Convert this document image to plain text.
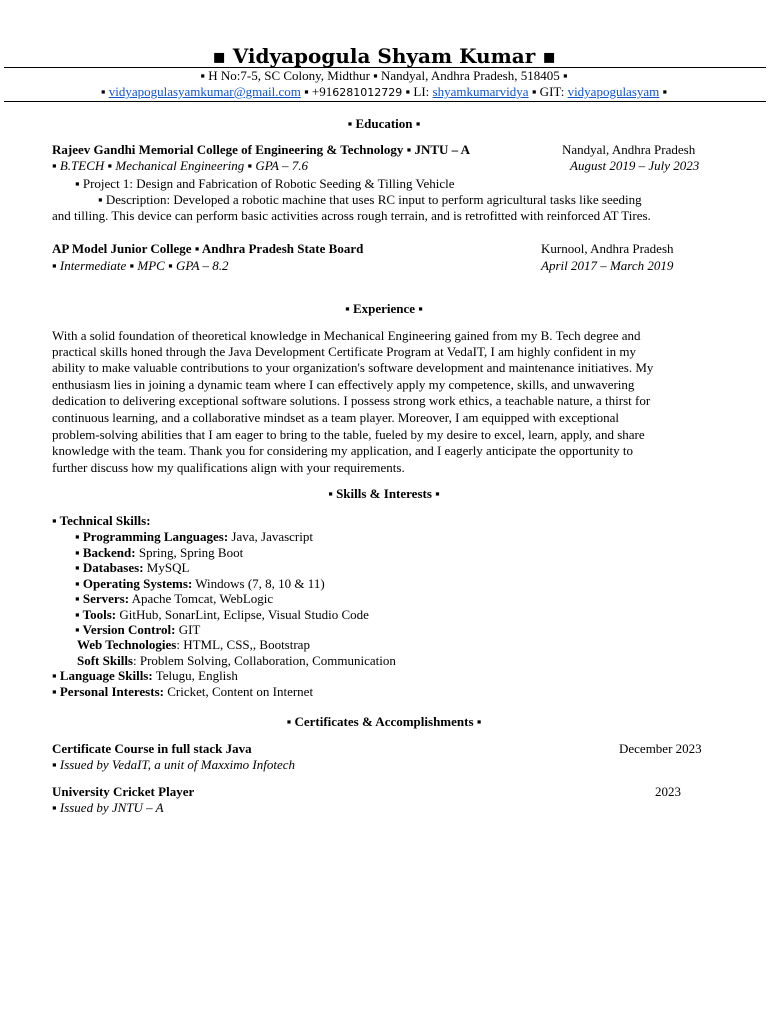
▪ Vidyapogula Shyam Kumar ▪
▪ H No:7-5, SC Colony, Midthur ▪ Nandyal, Andhra Pradesh, 518405 ▪
▪ vidyapogulasyamkumar@gmail.com ▪ +916281012729 ▪ LI: shyamkumarvidya ▪ GIT: vidyapogulasyam ▪
▪ Education ▪
Rajeev Gandhi Memorial College of Engineering & Technology ▪ JNTU – A	Nandyal, Andhra Pradesh
▪ B.TECH ▪ Mechanical Engineering ▪ GPA – 7.6	August 2019 – July 2023
▪ Project 1: Design and Fabrication of Robotic Seeding & Tilling Vehicle
▪ Description: Developed a robotic machine that uses RC input to perform agricultural tasks like seeding
and tilling. This device can perform basic activities across rough terrain, and is retrofitted with reinforced AT Tires.
AP Model Junior College ▪ Andhra Pradesh State Board	Kurnool, Andhra Pradesh
▪ Intermediate ▪ MPC ▪ GPA – 8.2	April 2017 – March 2019
▪ Experience ▪
With a solid foundation of theoretical knowledge in Mechanical Engineering gained from my B. Tech degree and
practical skills honed through the Java Development Certificate Program at VedaIT, I am highly confident in my
ability to make valuable contributions to your organization's software development and maintenance initiatives. My
enthusiasm lies in joining a dynamic team where I can effectively apply my competence, skills, and unwavering
dedication to delivering exceptional software solutions. I possess strong work ethics, a teachable nature, a thirst for
continuous learning, and a collaborative mindset as a team player. Moreover, I am equipped with exceptional
problem-solving abilities that I am eager to bring to the table, fueled by my desire to excel, learn, apply, and share
knowledge with the team. Thank you for considering my application, and I eagerly anticipate the opportunity to
further discuss how my qualifications align with your requirements.
▪ Skills & Interests ▪
▪ Technical Skills:
▪ Programming Languages: Java, Javascript
▪ Backend: Spring, Spring Boot
▪ Databases: MySQL
▪ Operating Systems: Windows (7, 8, 10 & 11)
▪ Servers: Apache Tomcat, WebLogic
▪ Tools: GitHub, SonarLint, Eclipse, Visual Studio Code
▪ Version Control: GIT
Web Technologies: HTML, CSS,, Bootstrap
Soft Skills: Problem Solving, Collaboration, Communication
▪ Language Skills: Telugu, English
▪ Personal Interests: Cricket, Content on Internet
▪ Certificates & Accomplishments ▪
Certificate Course in full stack Java	December 2023
▪ Issued by VedaIT, a unit of Maxximo Infotech
University Cricket Player	2023
▪ Issued by JNTU – A
